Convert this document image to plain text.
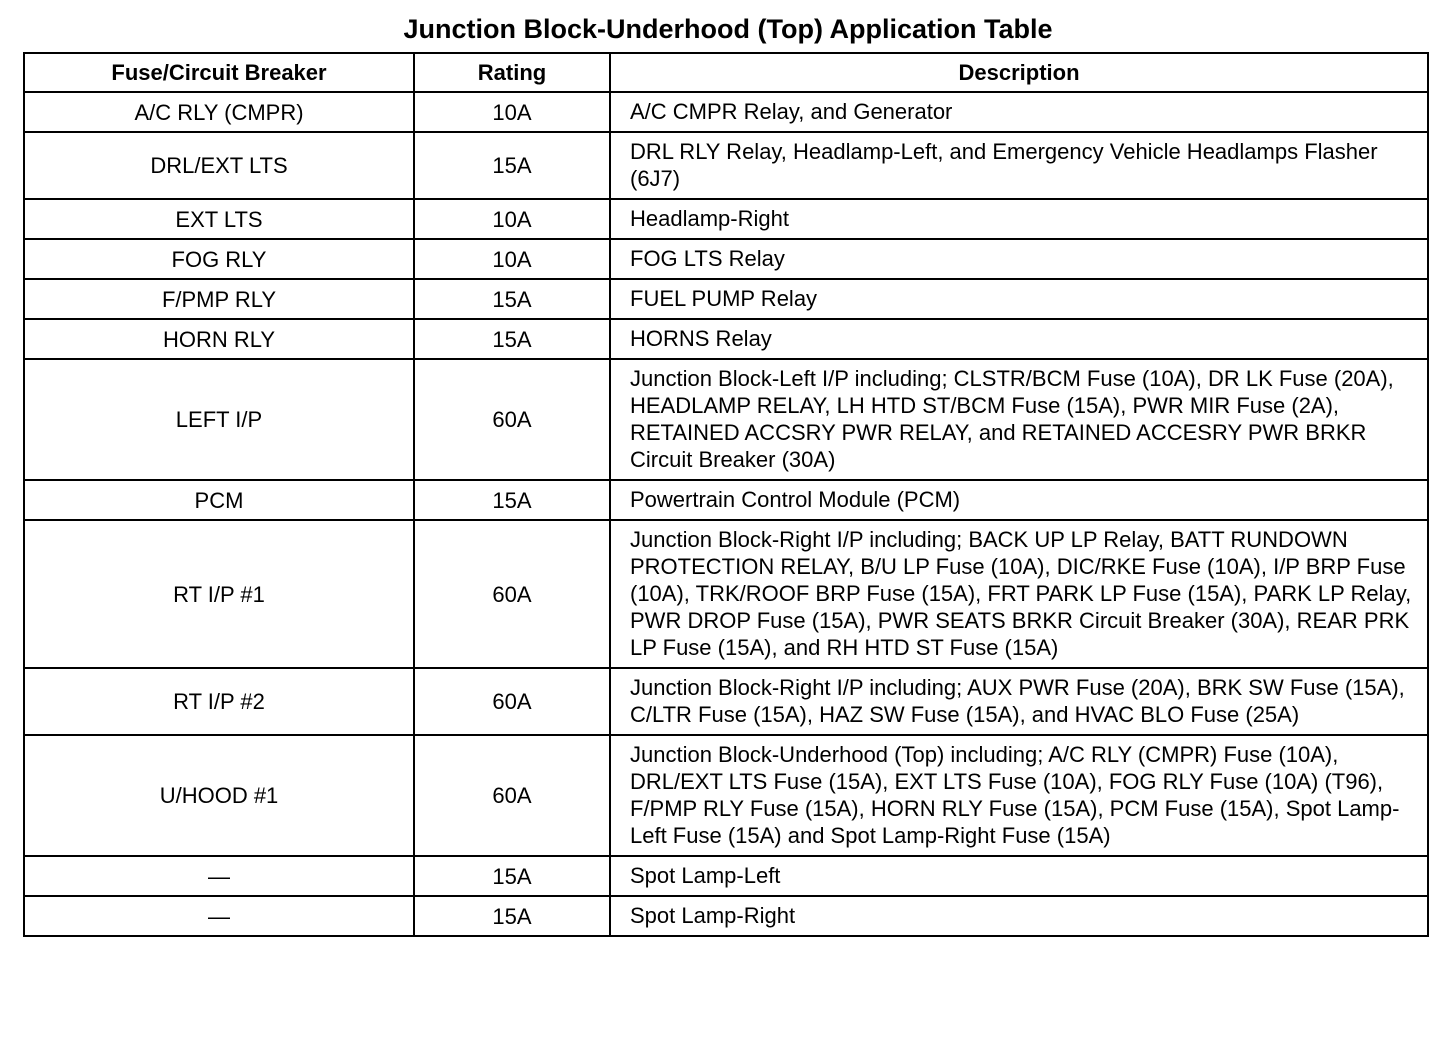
Junction Block-Underhood (Top) Application Table
Fuse/Circuit Breaker	Rating	Description
A/C RLY (CMPR)	10A	A/C CMPR Relay, and Generator
DRL/EXT LTS	15A	DRL RLY Relay, Headlamp-Left, and Emergency Vehicle Headlamps Flasher (6J7)
EXT LTS	10A	Headlamp-Right
FOG RLY	10A	FOG LTS Relay
F/PMP RLY	15A	FUEL PUMP Relay
HORN RLY	15A	HORNS Relay
LEFT I/P	60A	Junction Block-Left I/P including; CLSTR/BCM Fuse (10A), DR LK Fuse (20A), HEADLAMP RELAY, LH HTD ST/BCM Fuse (15A), PWR MIR Fuse (2A), RETAINED ACCSRY PWR RELAY, and RETAINED ACCESRY PWR BRKR Circuit Breaker (30A)
PCM	15A	Powertrain Control Module (PCM)
RT I/P #1	60A	Junction Block-Right I/P including; BACK UP LP Relay, BATT RUNDOWN PROTECTION RELAY, B/U LP Fuse (10A), DIC/RKE Fuse (10A), I/P BRP Fuse (10A), TRK/ROOF BRP Fuse (15A), FRT PARK LP Fuse (15A), PARK LP Relay, PWR DROP Fuse (15A), PWR SEATS BRKR Circuit Breaker (30A), REAR PRK LP Fuse (15A), and RH HTD ST Fuse (15A)
RT I/P #2	60A	Junction Block-Right I/P including; AUX PWR Fuse (20A), BRK SW Fuse (15A), C/LTR Fuse (15A), HAZ SW Fuse (15A), and HVAC BLO Fuse (25A)
U/HOOD #1	60A	Junction Block-Underhood (Top) including; A/C RLY (CMPR) Fuse (10A), DRL/EXT LTS Fuse (15A), EXT LTS Fuse (10A), FOG RLY Fuse (10A) (T96), F/PMP RLY Fuse (15A), HORN RLY Fuse (15A), PCM Fuse (15A), Spot Lamp-Left Fuse (15A) and Spot Lamp-Right Fuse (15A)
—	15A	Spot Lamp-Left
—	15A	Spot Lamp-Right
